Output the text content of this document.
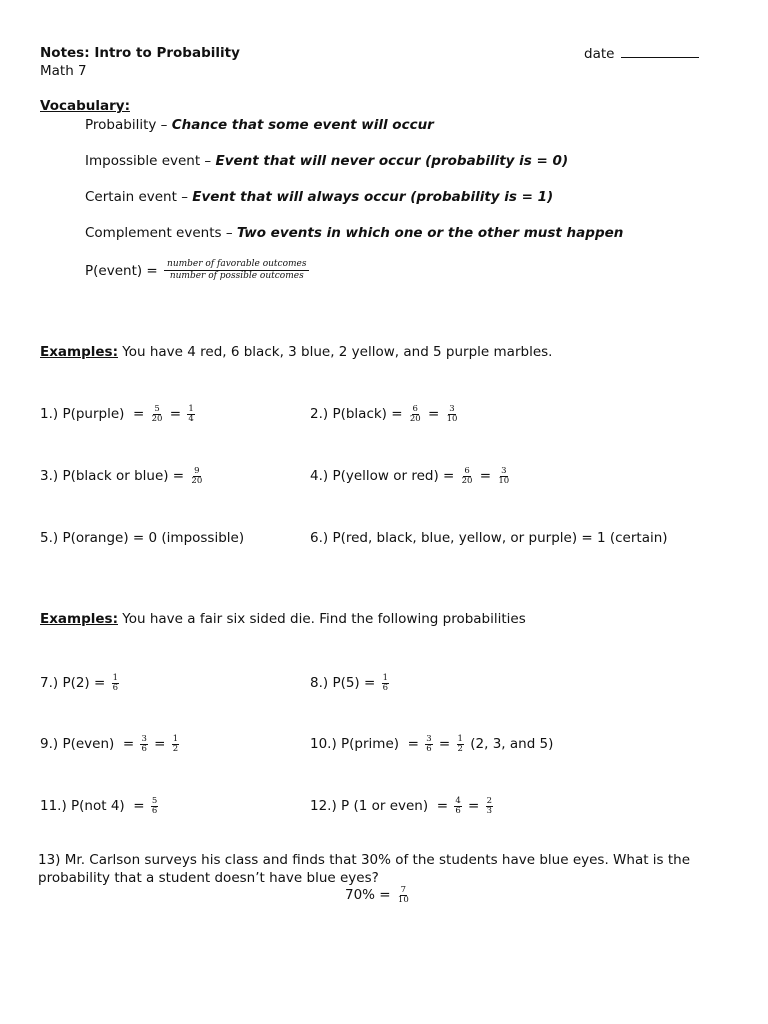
Notes: Intro to Probability
Math 7
date
Vocabulary:
Probability – Chance that some event will occur
Impossible event – Event that will never occur (probability is = 0)
Certain event – Event that will always occur (probability is = 1)
Complement events – Two events in which one or the other must happen
P(event) = $\frac{\text{number of favorable outcomes}}{\text{number of possible outcomes}}$
Examples: You have 4 red, 6 black, 3 blue, 2 yellow, and 5 purple marbles.
1.) P(purple)  = $\frac{5}{20} = \frac{1}{4}$	2.) P(black) = $\frac{6}{20} = \frac{3}{10}$
3.) P(black or blue) = $\frac{9}{20}$	4.) P(yellow or $red) = \frac{6}{20} = \frac{3}{10}$
5.) P(orange) = 0 (impossible)	6.) P(red, black, blue, yellow, or purple) = 1 (certain)
Examples: You have a fair six sided die. Find the following probabilities
7.) $P(2) = \frac{1}{6}$	8.) $P(5) = \frac{1}{6}$
9.) P(even)  = $\frac{3}{6} = \frac{1}{2}$	10.) P(prime)  = $\frac{3}{6} = \frac{1}{2} (2$, 3, and 5)
11.) P(not $4) = \frac{5}{6}$	12.) P (1 or even)  = $\frac{4}{6} = \frac{2}{3}$
13) Mr. Carlson surveys his class and finds that 30% of the students have blue eyes. What is the
probability that a student doesn’t have blue eyes?
$70\% = \frac{7}{10}$
